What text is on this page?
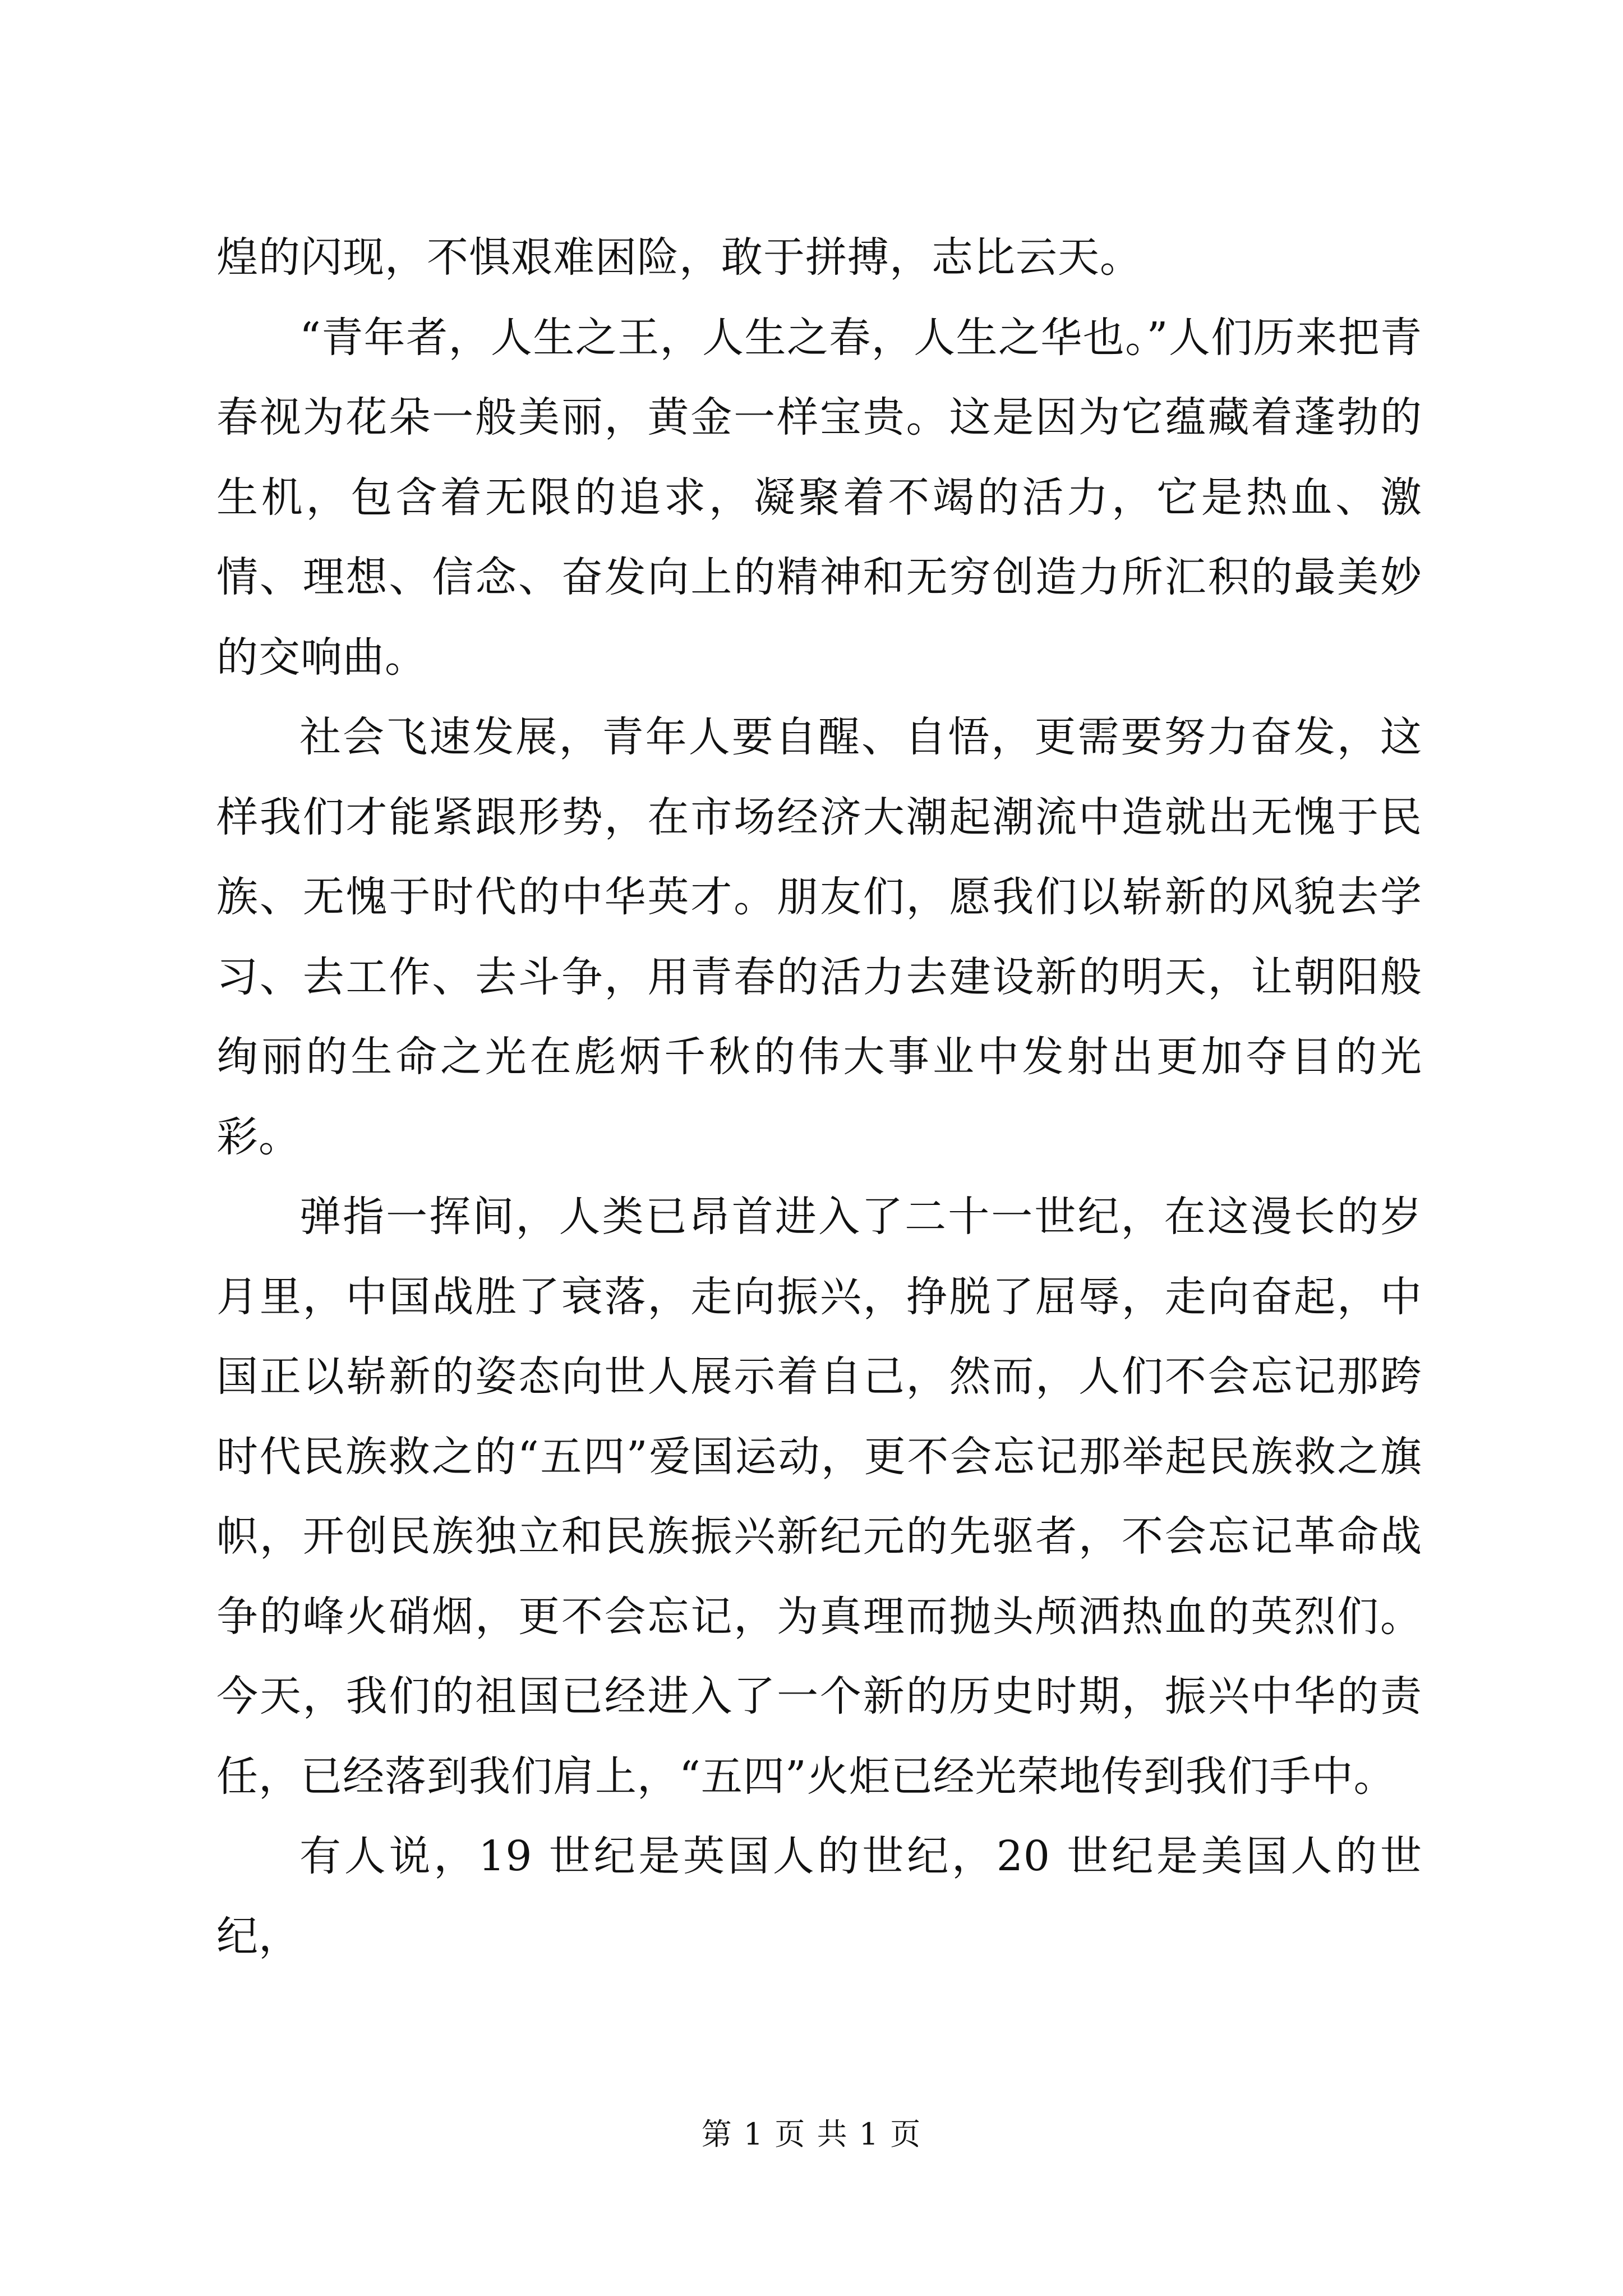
煌的闪现，不惧艰难困险，敢于拼搏，志比云天。

“青年者，人生之王，人生之春，人生之华也。”人们历来把青春视为花朵一般美丽，黄金一样宝贵。这是因为它蕴藏着蓬勃的生机，包含着无限的追求，凝聚着不竭的活力，它是热血、激情、理想、信念、奋发向上的精神和无穷创造力所汇积的最美妙的交响曲。

社会飞速发展，青年人要自醒、自悟，更需要努力奋发，这样我们才能紧跟形势，在市场经济大潮起潮流中造就出无愧于民族、无愧于时代的中华英才。朋友们，愿我们以崭新的风貌去学习、去工作、去斗争，用青春的活力去建设新的明天，让朝阳般绚丽的生命之光在彪炳千秋的伟大事业中发射出更加夺目的光彩。

弹指一挥间，人类已昂首进入了二十一世纪，在这漫长的岁月里，中国战胜了衰落，走向振兴，挣脱了屈辱，走向奋起，中国正以崭新的姿态向世人展示着自己，然而，人们不会忘记那跨时代民族救之的“五四”爱国运动，更不会忘记那举起民族救之旗帜，开创民族独立和民族振兴新纪元的先驱者，不会忘记革命战争的峰火硝烟，更不会忘记，为真理而抛头颅洒热血的英烈们。今天，我们的祖国已经进入了一个新的历史时期，振兴中华的责任，已经落到我们肩上，“五四”火炬已经光荣地传到我们手中。

有人说，19 世纪是英国人的世纪，20 世纪是美国人的世纪，

第 1 页 共 1 页
